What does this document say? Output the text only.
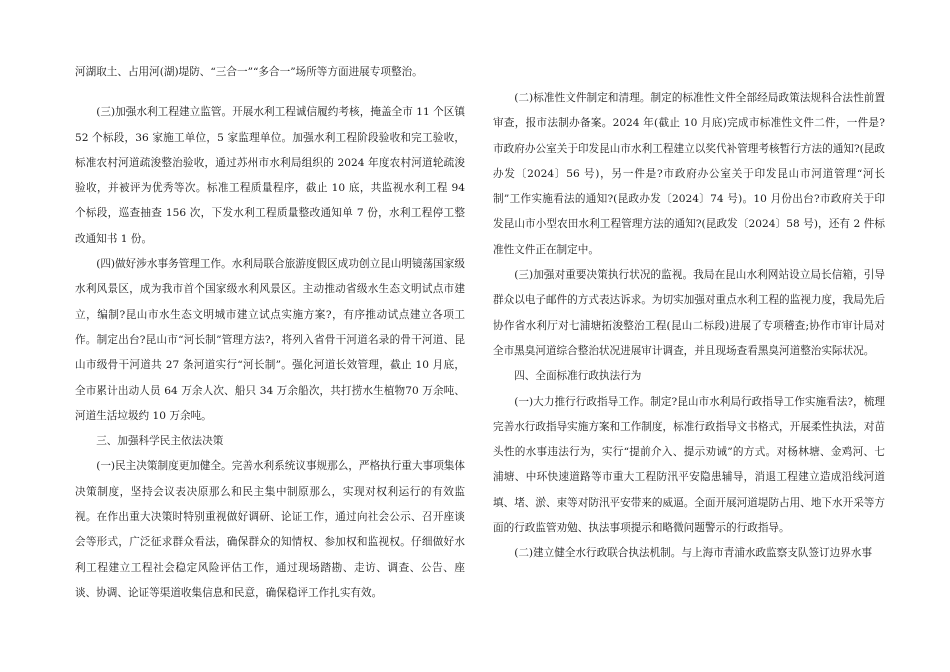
河湖取土、占用河(湖)堤防、“三合一”“多合一”场所等方面进展专项整治。

(三)加强水利工程建立监管。开展水利工程诚信履约考核，掩盖全市 11 个区镇 52 个标段，36 家施工单位，5 家监理单位。加强水利工程阶段验收和完工验收，标准农村河道疏浚整治验收，通过苏州市水利局组织的 2024 年度农村河道轮疏浚验收，并被评为优秀等次。标准工程质量程序，截止 10 底，共监视水利工程 94 个标段，巡查抽查 156 次，下发水利工程质量整改通知单 7 份，水利工程停工整改通知书 1 份。

(四)做好涉水事务管理工作。水利局联合旅游度假区成功创立昆山明镜荡国家级水利风景区，成为我市首个国家级水利风景区。主动推动省级水生态文明试点市建立，编制?昆山市水生态文明城市建立试点实施方案?，有序推动试点建立各项工作。制定出台?昆山市“河长制”管理方法?，将列入省骨干河道名录的骨干河道、昆山市级骨干河道共 27 条河道实行“河长制”。强化河道长效管理，截止 10 月底，全市累计出动人员 64 万余人次、船只 34 万余船次，共打捞水生植物70 万余吨、河道生活垃圾约 10 万余吨。

三、加强科学民主依法决策

(一)民主决策制度更加健全。完善水利系统议事规那么，严格执行重大事项集体决策制度，坚持会议表决原那么和民主集中制原那么，实现对权利运行的有效监视。在作出重大决策时特别重视做好调研、论证工作，通过向社会公示、召开座谈会等形式，广泛征求群众看法，确保群众的知情权、参加权和监视权。仔细做好水利工程建立工程社会稳定风险评估工作，通过现场踏勘、走访、调查、公告、座谈、协调、论证等渠道收集信息和民意，确保稳评工作扎实有效。

(二)标准性文件制定和清理。制定的标准性文件全部经局政策法规科合法性前置审查，报市法制办备案。2024 年(截止 10 月底)完成市标准性文件二件，一件是?市政府办公室关于印发昆山市水利工程建立以奖代补管理考核暂行方法的通知?(昆政办发〔2024〕56 号)，另一件是?市政府办公室关于印发昆山市河道管理“河长制”工作实施看法的通知?(昆政办发〔2024〕74 号)。10 月份出台?市政府关于印发昆山市小型农田水利工程管理方法的通知?(昆政发〔2024〕58 号)，还有 2 件标准性文件正在制定中。

(三)加强对重要决策执行状况的监视。我局在昆山水利网站设立局长信箱，引导群众以电子邮件的方式表达诉求。为切实加强对重点水利工程的监视力度，我局先后协作省水利厅对七浦塘拓浚整治工程(昆山二标段)进展了专项稽查;协作市审计局对全市黑臭河道综合整治状况进展审计调查，并且现场查看黑臭河道整治实际状况。

四、全面标准行政执法行为

(一)大力推行行政指导工作。制定?昆山市水利局行政指导工作实施看法?，梳理完善水行政指导实施方案和工作制度，标准行政指导文书格式，开展柔性执法，对苗头性的水事违法行为，实行“提前介入、提示劝诫”的方式。对杨林塘、金鸡河、七浦塘、中环快速道路等市重大工程防汛平安隐患辅导，消退工程建立造成沿线河道填、堵、淤、束等对防汛平安带来的威逼。全面开展河道堤防占用、地下水开采等方面的行政监管劝勉、执法事项提示和略微问题警示的行政指导。

(二)建立健全水行政联合执法机制。与上海市青浦水政监察支队签订边界水事
